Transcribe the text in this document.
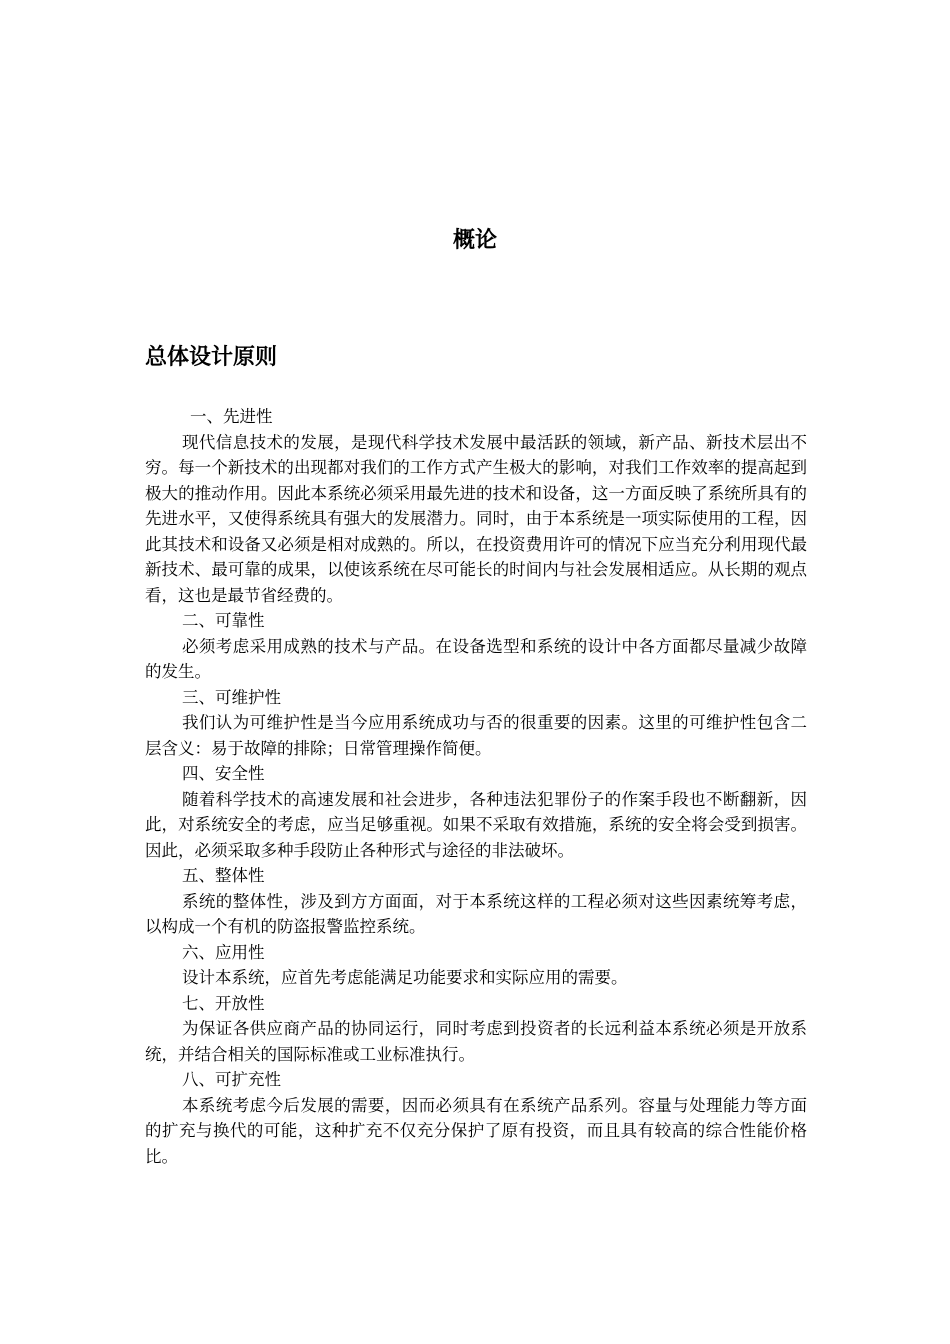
概论
总体设计原则

一、先进性

现代信息技术的发展，是现代科学技术发展中最活跃的领域，新产品、新技术层出不穷。每一个新技术的出现都对我们的工作方式产生极大的影响，对我们工作效率的提高起到极大的推动作用。因此本系统必须采用最先进的技术和设备，这一方面反映了系统所具有的先进水平，又使得系统具有强大的发展潜力。同时，由于本系统是一项实际使用的工程，因此其技术和设备又必须是相对成熟的。所以，在投资费用许可的情况下应当充分利用现代最新技术、最可靠的成果，以使该系统在尽可能长的时间内与社会发展相适应。从长期的观点看，这也是最节省经费的。

二、可靠性

必须考虑采用成熟的技术与产品。在设备选型和系统的设计中各方面都尽量减少故障的发生。

三、可维护性

我们认为可维护性是当今应用系统成功与否的很重要的因素。这里的可维护性包含二层含义：易于故障的排除；日常管理操作简便。

四、安全性

随着科学技术的高速发展和社会进步，各种违法犯罪份子的作案手段也不断翻新，因此，对系统安全的考虑，应当足够重视。如果不采取有效措施，系统的安全将会受到损害。因此，必须采取多种手段防止各种形式与途径的非法破坏。

五、整体性

系统的整体性，涉及到方方面面，对于本系统这样的工程必须对这些因素统筹考虑，以构成一个有机的防盗报警监控系统。

六、应用性

设计本系统，应首先考虑能满足功能要求和实际应用的需要。

七、开放性

为保证各供应商产品的协同运行，同时考虑到投资者的长远利益本系统必须是开放系统，并结合相关的国际标准或工业标准执行。

八、可扩充性

本系统考虑今后发展的需要，因而必须具有在系统产品系列。容量与处理能力等方面的扩充与换代的可能，这种扩充不仅充分保护了原有投资，而且具有较高的综合性能价格比。
